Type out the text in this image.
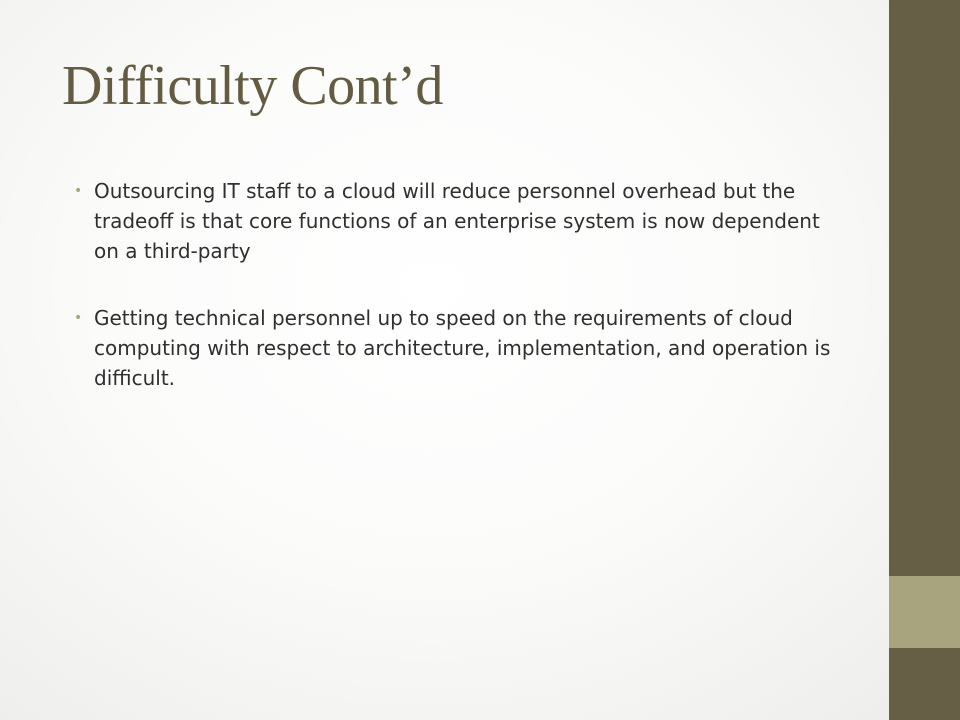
Difficulty Cont’d
• Outsourcing IT staff to a cloud will reduce personnel overhead but the tradeoff is that core functions of an enterprise system is now dependent on a third-party
• Getting technical personnel up to speed on the requirements of cloud computing with respect to architecture, implementation, and operation is difficult.
